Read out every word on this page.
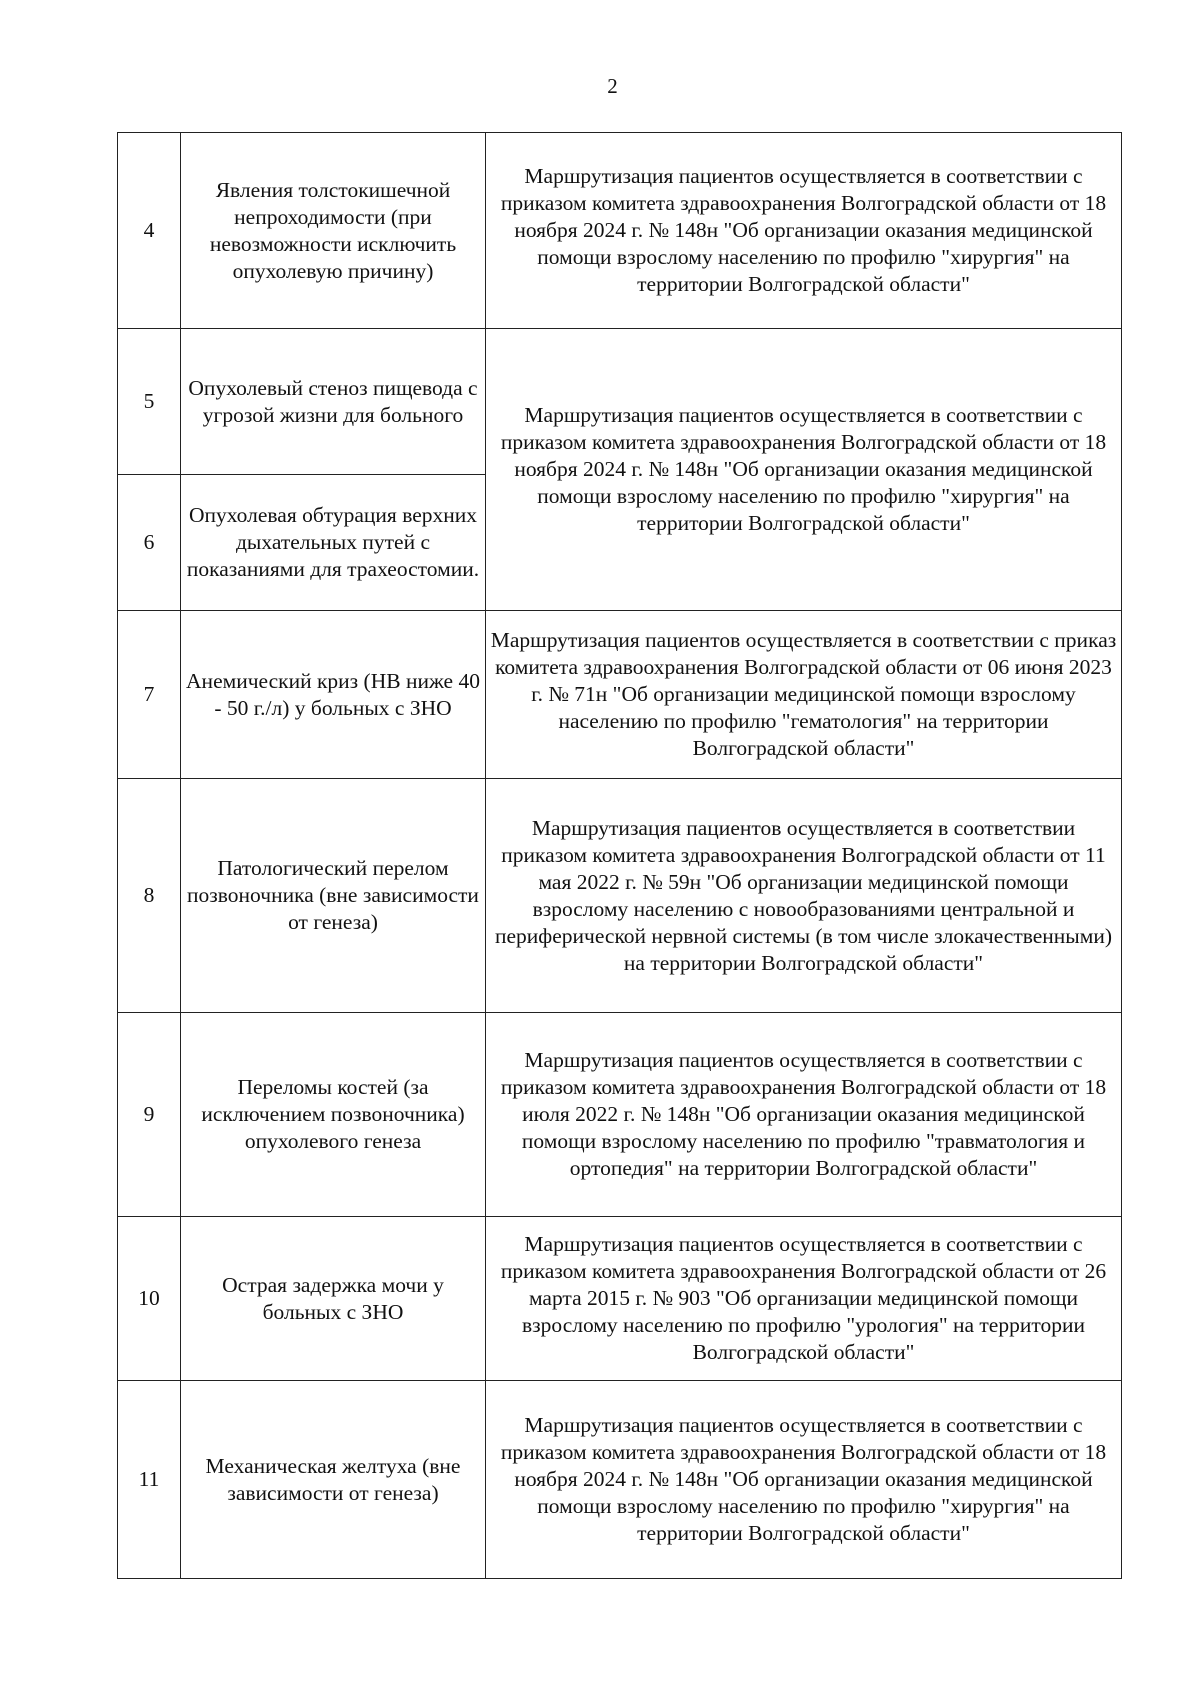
2
4	Явления толстокишечной непроходимости (при невозможности исключить опухолевую причину)	Маршрутизация пациентов осуществляется в соответствии с приказом комитета здравоохранения Волгоградской области от 18 ноября 2024 г. № 148н "Об организации оказания медицинской помощи взрослому населению по профилю "хирургия" на территории Волгоградской области"
5	Опухолевый стеноз пищевода с угрозой жизни для больного	Маршрутизация пациентов осуществляется в соответствии с приказом комитета здравоохранения Волгоградской области от 18 ноября 2024 г. № 148н "Об организации оказания медицинской помощи взрослому населению по профилю "хирургия" на территории Волгоградской области"
6	Опухолевая обтурация верхних дыхательных путей с показаниями для трахеостомии.	
7	Анемический криз (НВ ниже 40 - 50 г./л) у больных с ЗНО	Маршрутизация пациентов осуществляется в соответствии с приказ комитета здравоохранения Волгоградской области от 06 июня 2023 г. № 71н "Об организации медицинской помощи взрослому населению по профилю "гематология" на территории Волгоградской области"
8	Патологический перелом позвоночника (вне зависимости от генеза)	Маршрутизация пациентов осуществляется в соответствии приказом комитета здравоохранения Волгоградской области от 11 мая 2022 г. № 59н "Об организации медицинской помощи взрослому населению с новообразованиями центральной и периферической нервной системы (в том числе злокачественными) на территории Волгоградской области"
9	Переломы костей (за исключением позвоночника) опухолевого генеза	Маршрутизация пациентов осуществляется в соответствии с приказом комитета здравоохранения Волгоградской области от 18 июля 2022 г. № 148н "Об организации оказания медицинской помощи взрослому населению по профилю "травматология и ортопедия" на территории Волгоградской области"
10	Острая задержка мочи у больных с ЗНО	Маршрутизация пациентов осуществляется в соответствии с приказом комитета здравоохранения Волгоградской области от 26 марта 2015 г. № 903 "Об организации медицинской помощи взрослому населению по профилю "урология" на территории Волгоградской области"
11	Механическая желтуха (вне зависимости от генеза)	Маршрутизация пациентов осуществляется в соответствии с приказом комитета здравоохранения Волгоградской области от 18 ноября 2024 г. № 148н "Об организации оказания медицинской помощи взрослому населению по профилю "хирургия" на территории Волгоградской области"
